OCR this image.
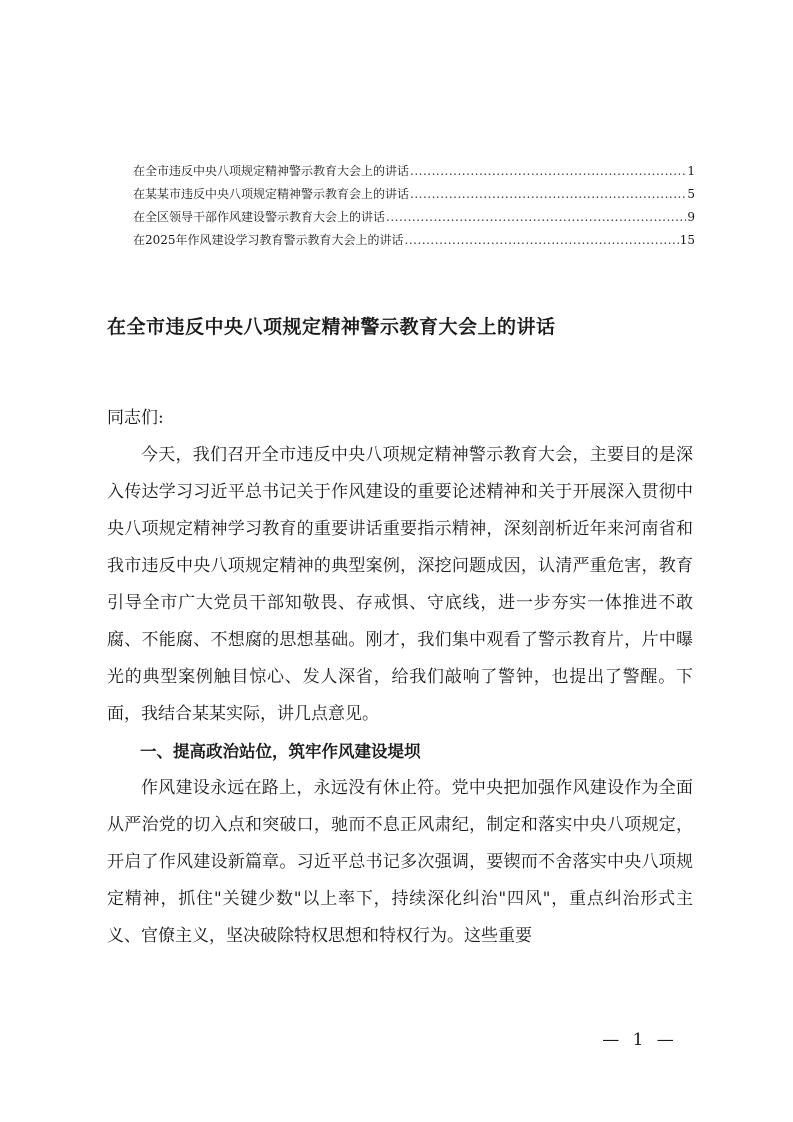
在全市违反中央八项规定精神警示教育大会上的讲话 .....	1
在某某市违反中央八项规定精神警示教育会上的讲话 .....	5
在全区领导干部作风建设警示教育大会上的讲话 .....	9
在2025年作风建设学习教育警示教育大会上的讲话 .....	15
在全市违反中央八项规定精神警示教育大会上的讲话

同志们:

今天，我们召开全市违反中央八项规定精神警示教育大会，主要目的是深入传达学习习近平总书记关于作风建设的重要论述精神和关于开展深入贯彻中央八项规定精神学习教育的重要讲话重要指示精神，深刻剖析近年来河南省和我市违反中央八项规定精神的典型案例，深挖问题成因，认清严重危害，教育引导全市广大党员干部知敬畏、存戒惧、守底线，进一步夯实一体推进不敢腐、不能腐、不想腐的思想基础。刚才，我们集中观看了警示教育片，片中曝光的典型案例触目惊心、发人深省，给我们敲响了警钟，也提出了警醒。下面，我结合某某实际，讲几点意见。

一、提高政治站位，筑牢作风建设堤坝

作风建设永远在路上，永远没有休止符。党中央把加强作风建设作为全面从严治党的切入点和突破口，驰而不息正风肃纪，制定和落实中央八项规定，开启了作风建设新篇章。习近平总书记多次强调，要锲而不舍落实中央八项规定精神，抓住"关键少数"以上率下，持续深化纠治"四风"，重点纠治形式主义、官僚主义，坚决破除特权思想和特权行为。这些重要

— 1 —
